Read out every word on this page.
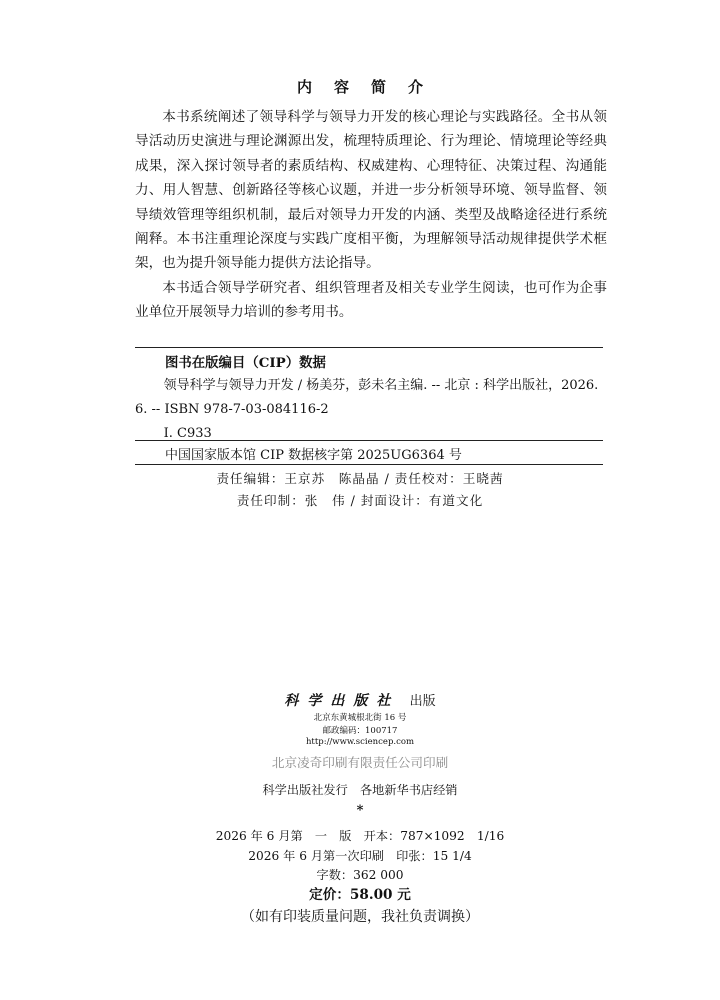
内容简介

本书系统阐述了领导科学与领导力开发的核心理论与实践路径。全书从领导活动历史演进与理论渊源出发，梳理特质理论、行为理论、情境理论等经典成果，深入探讨领导者的素质结构、权威建构、心理特征、决策过程、沟通能力、用人智慧、创新路径等核心议题，并进一步分析领导环境、领导监督、领导绩效管理等组织机制，最后对领导力开发的内涵、类型及战略途径进行系统阐释。本书注重理论深度与实践广度相平衡，为理解领导活动规律提供学术框架，也为提升领导能力提供方法论指导。

本书适合领导学研究者、组织管理者及相关专业学生阅读，也可作为企事业单位开展领导力培训的参考用书。

图书在版编目（CIP）数据

领导科学与领导力开发 / 杨美芬，彭未名主编. -- 北京 : 科学出版社，2026. 6. -- ISBN 978-7-03-084116-2

Ⅰ. C933

中国国家版本馆 CIP 数据核字第 2025UG6364 号
责任编辑：王京苏　陈晶晶 / 责任校对：王晓茜
责任印制：张　伟 / 封面设计：有道文化
科学出版社 出版
北京东黄城根北街 16 号
邮政编码：100717
http://www.sciencep.com
北京凌奇印刷有限责任公司印刷
科学出版社发行　各地新华书店经销
*
2026 年 6 月第　一　版　开本：787×1092　1/16
2026 年 6 月第一次印刷　印张：15 1/4
字数：362 000
定价：58.00 元
（如有印装质量问题，我社负责调换）
